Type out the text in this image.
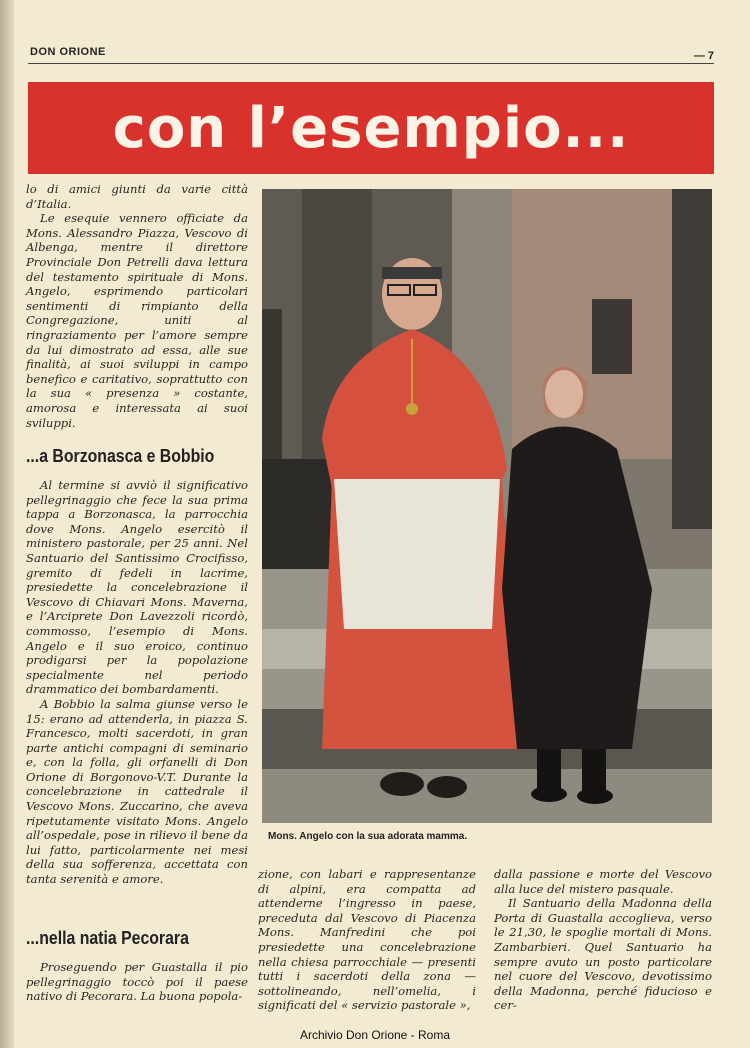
DON ORIONE	— 7
con l’esempio...

lo di amici giunti da varie città d’Italia.

Le esequie vennero officiate da Mons. Alessandro Piazza, Vescovo di Albenga, mentre il direttore Provinciale Don Petrelli dava lettura del testamento spirituale di Mons. Angelo, esprimendo particolari sentimenti di rimpianto della Congregazione, uniti al ringraziamento per l’amore sempre da lui dimostrato ad essa, alle sue finalità, ai suoi sviluppi in campo benefico e caritativo, soprattutto con la sua « presenza » costante, amorosa e interessata ai suoi sviluppi.

...a Borzonasca e Bobbio

Al termine si avviò il significativo pellegrinaggio che fece la sua prima tappa a Borzonasca, la parrocchia dove Mons. Angelo esercitò il ministero pastorale, per 25 anni. Nel Santuario del Santissimo Crocifisso, gremito di fedeli in lacrime, presiedette la concelebrazione il Vescovo di Chiavari Mons. Maverna, e l’Arciprete Don Lavezzoli ricordò, commosso, l’esempio di Mons. Angelo e il suo eroico, continuo prodigarsi per la popolazione specialmente nel periodo drammatico dei bombardamenti.

A Bobbio la salma giunse verso le 15: erano ad attenderla, in piazza S. Francesco, molti sacerdoti, in gran parte antichi compagni di seminario e, con la folla, gli orfanelli di Don Orione di Borgonovo-V.T. Durante la concelebrazione in cattedrale il Vescovo Mons. Zuccarino, che aveva ripetutamente visitato Mons. Angelo all’ospedale, pose in rilievo il bene da lui fatto, particolarmente nei mesi della sua sofferenza, accettata con tanta serenità e amore.

...nella natia Pecorara

Proseguendo per Guastalla il pio pellegrinaggio toccò poi il paese nativo di Pecorara. La buona popola-

Mons. Angelo con la sua adorata mamma.

zione, con labari e rappresentanze di alpini, era compatta ad attenderne l’ingresso in paese, preceduta dal Vescovo di Piacenza Mons. Manfredini che poi presiedette una concelebrazione nella chiesa parrocchiale — presenti tutti i sacerdoti della zona — sottolineando, nell’omelia, i significati del « servizio pastorale »,

dalla passione e morte del Vescovo alla luce del mistero pasquale.

Il Santuario della Madonna della Porta di Guastalla accoglieva, verso le 21,30, le spoglie mortali di Mons. Zambarbieri. Quel Santuario ha sempre avuto un posto particolare nel cuore del Vescovo, devotissimo della Madonna, perché fiducioso e cer-

Archivio Don Orione - Roma
